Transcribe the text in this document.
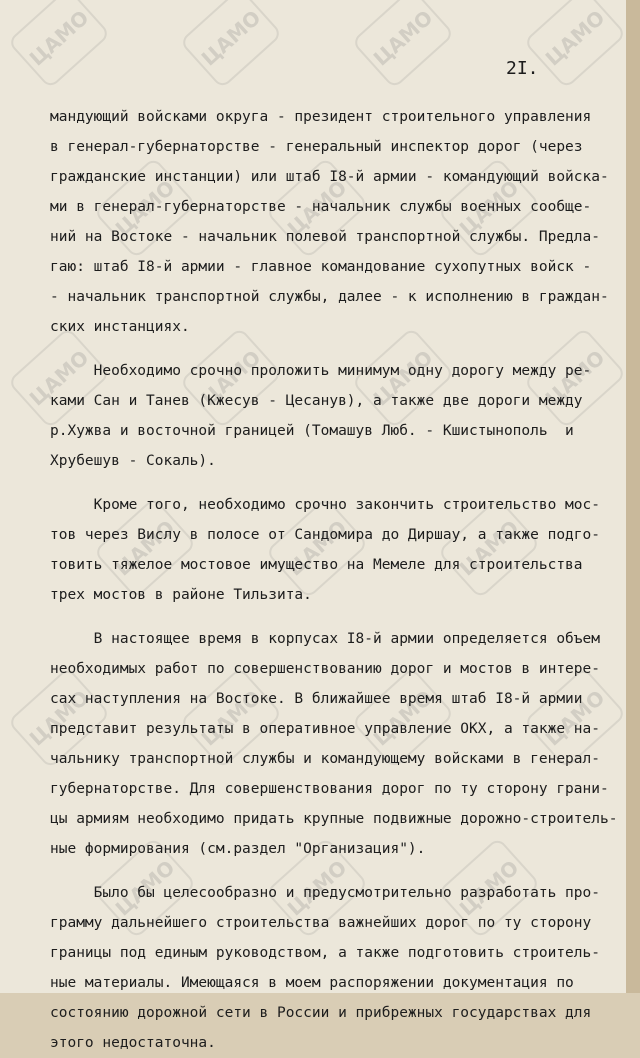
ЦАМО	ЦАМО	ЦАМО	ЦАМО
ЦАМО	ЦАМО	ЦАМО
ЦАМО	ЦАМО	ЦАМО	ЦАМО
ЦАМО	ЦАМО	ЦАМО
ЦАМО	ЦАМО	ЦАМО	ЦАМО
ЦАМО	ЦАМО	ЦАМО
2I.
мандующий войсками округа - президент строительного управления
в генерал-губернаторстве - генеральный инспектор дорог (через
гражданские инстанции) или штаб I8-й армии - командующий войска-
ми в генерал-губернаторстве - начальник службы военных сообще-
ний на Востоке - начальник полевой транспортной службы. Предла-
гаю: штаб I8-й армии - главное командование сухопутных войск -
- начальник транспортной службы, далее - к исполнению в граждан-
ских инстанциях.
Необходимо срочно проложить минимум одну дорогу между ре-
ками Сан и Танев (Кжесув - Цесанув), а также две дороги между
р.Хужва и восточной границей (Томашув Люб. - Кшистынополь  и
Хрубешув - Сокаль).
Кроме того, необходимо срочно закончить строительство мос-
тов через Вислу в полосе от Сандомира до Диршау, а также подго-
товить тяжелое мостовое имущество на Мемеле для строительства
трех мостов в районе Тильзита.
В настоящее время в корпусах I8-й армии определяется объем
необходимых работ по совершенствованию дорог и мостов в интере-
сах наступления на Востоке. В ближайшее время штаб I8-й армии
представит результаты в оперативное управление ОКХ, а также на-
чальнику транспортной службы и командующему войсками в генерал-
губернаторстве. Для совершенствования дорог по ту сторону грани-
цы армиям необходимо придать крупные подвижные дорожно-строитель-
ные формирования (см.раздел "Организация").
Было бы целесообразно и предусмотрительно разработать про-
грамму дальнейшего строительства важнейших дорог по ту сторону
границы под единым руководством, а также подготовить строитель-
ные материалы. Имеющаяся в моем распоряжении документация по
состоянию дорожной сети в России и прибрежных государствах для
этого недостаточна.
